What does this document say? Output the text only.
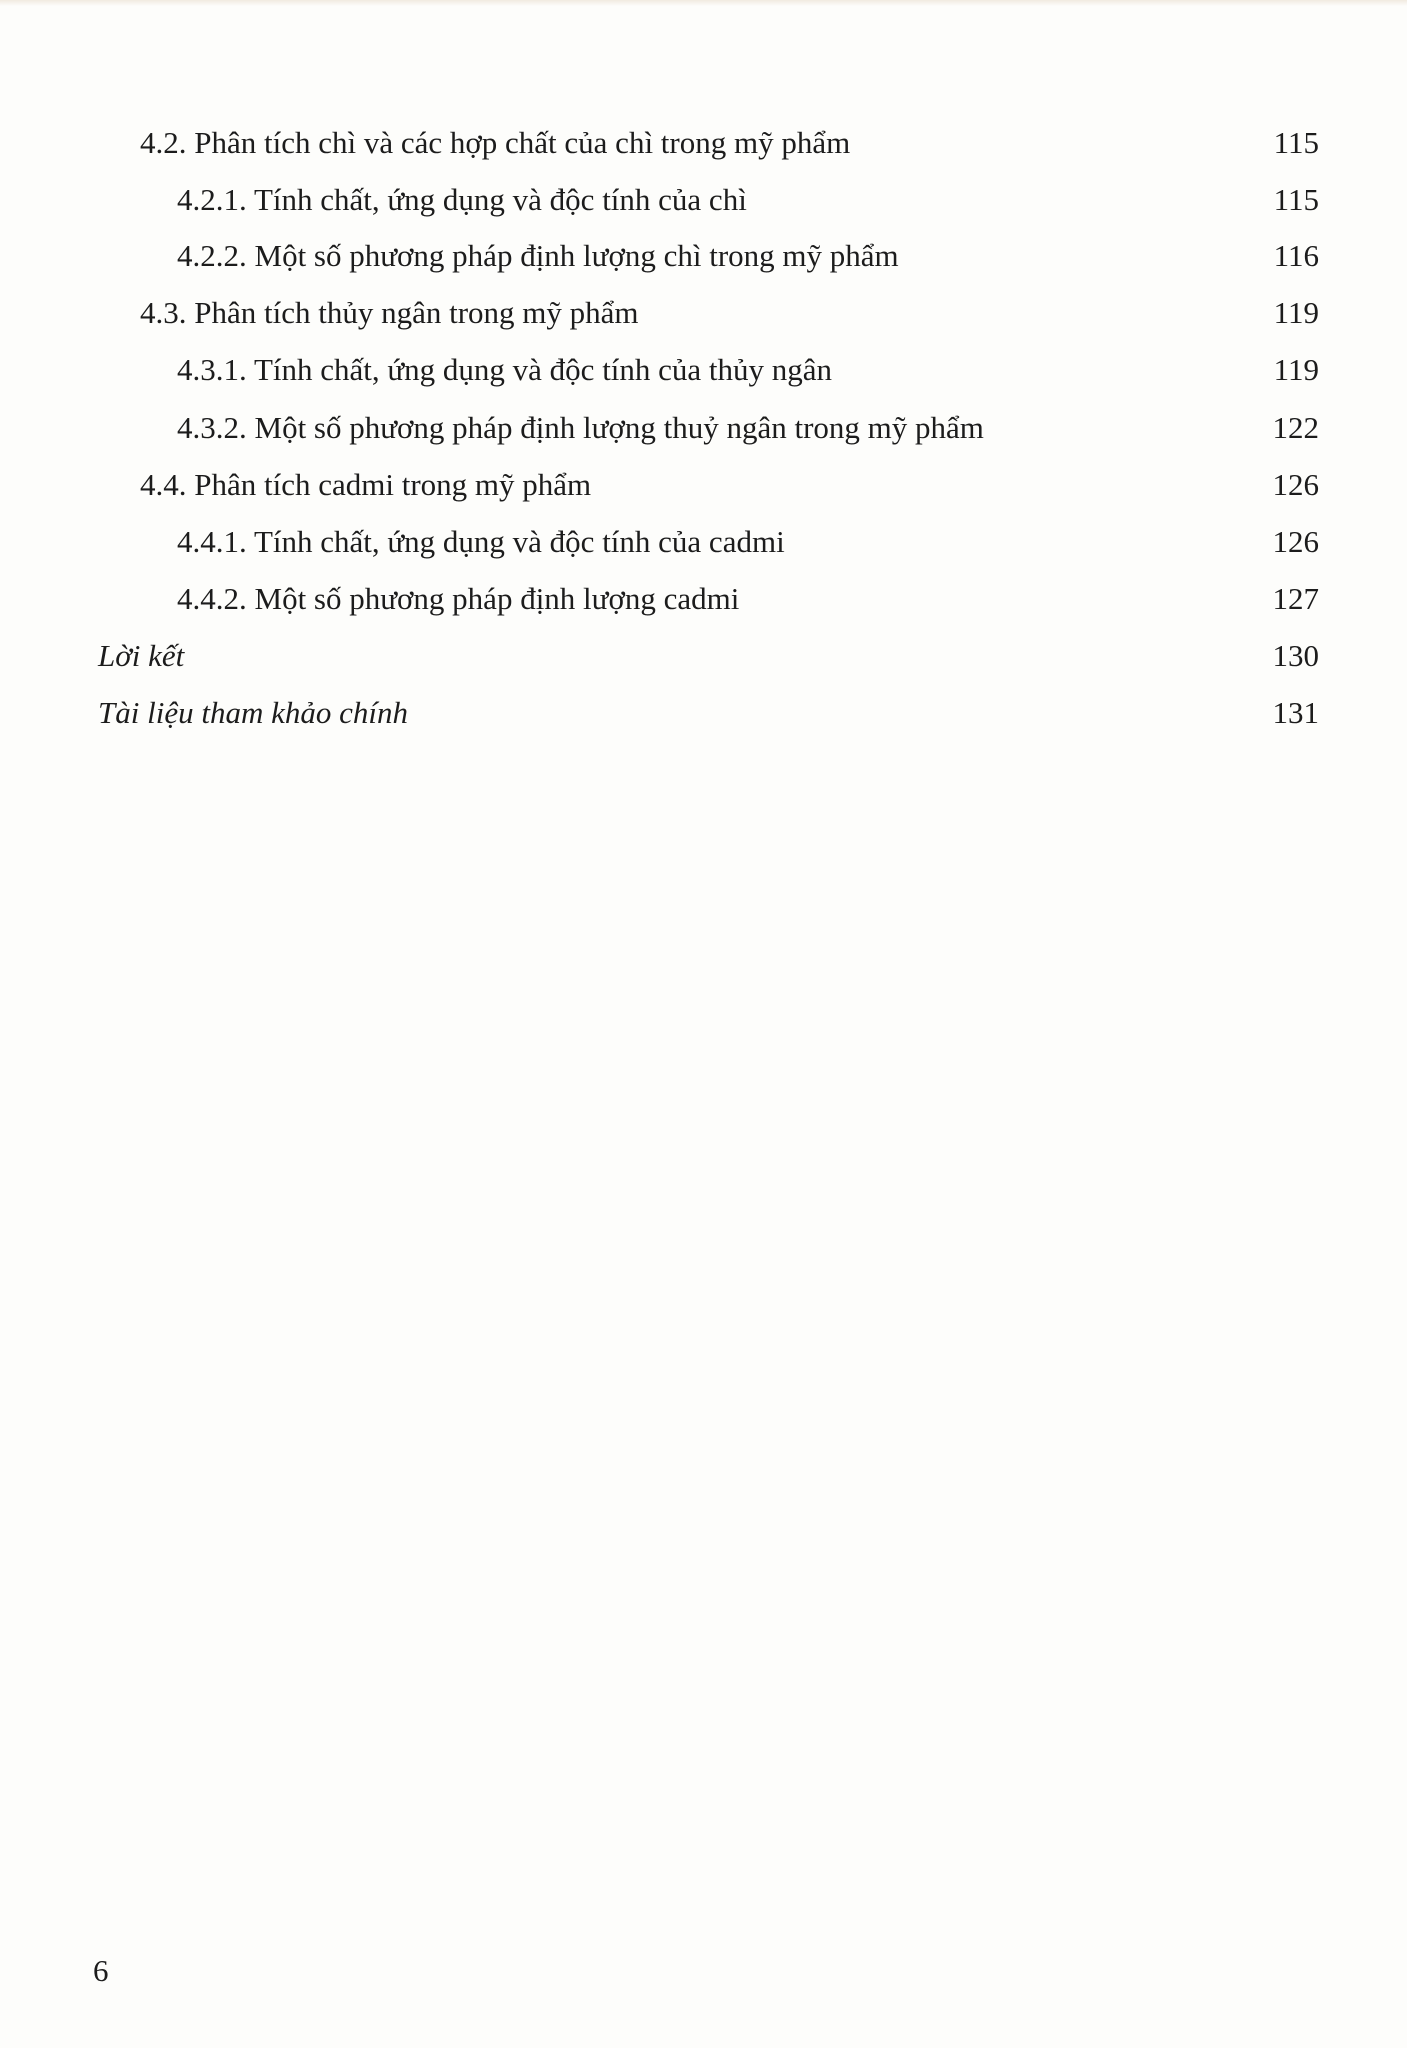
4.2. Phân tích chì và các hợp chất của chì trong mỹ phẩm	115
4.2.1. Tính chất, ứng dụng và độc tính của chì	115
4.2.2. Một số phương pháp định lượng chì trong mỹ phẩm	116
4.3. Phân tích thủy ngân trong mỹ phẩm	119
4.3.1. Tính chất, ứng dụng và độc tính của thủy ngân	119
4.3.2. Một số phương pháp định lượng thuỷ ngân trong mỹ phẩm	122
4.4. Phân tích cadmi trong mỹ phẩm	126
4.4.1. Tính chất, ứng dụng và độc tính của cadmi	126
4.4.2. Một số phương pháp định lượng cadmi	127
Lời kết	130
Tài liệu tham khảo chính	131
6
